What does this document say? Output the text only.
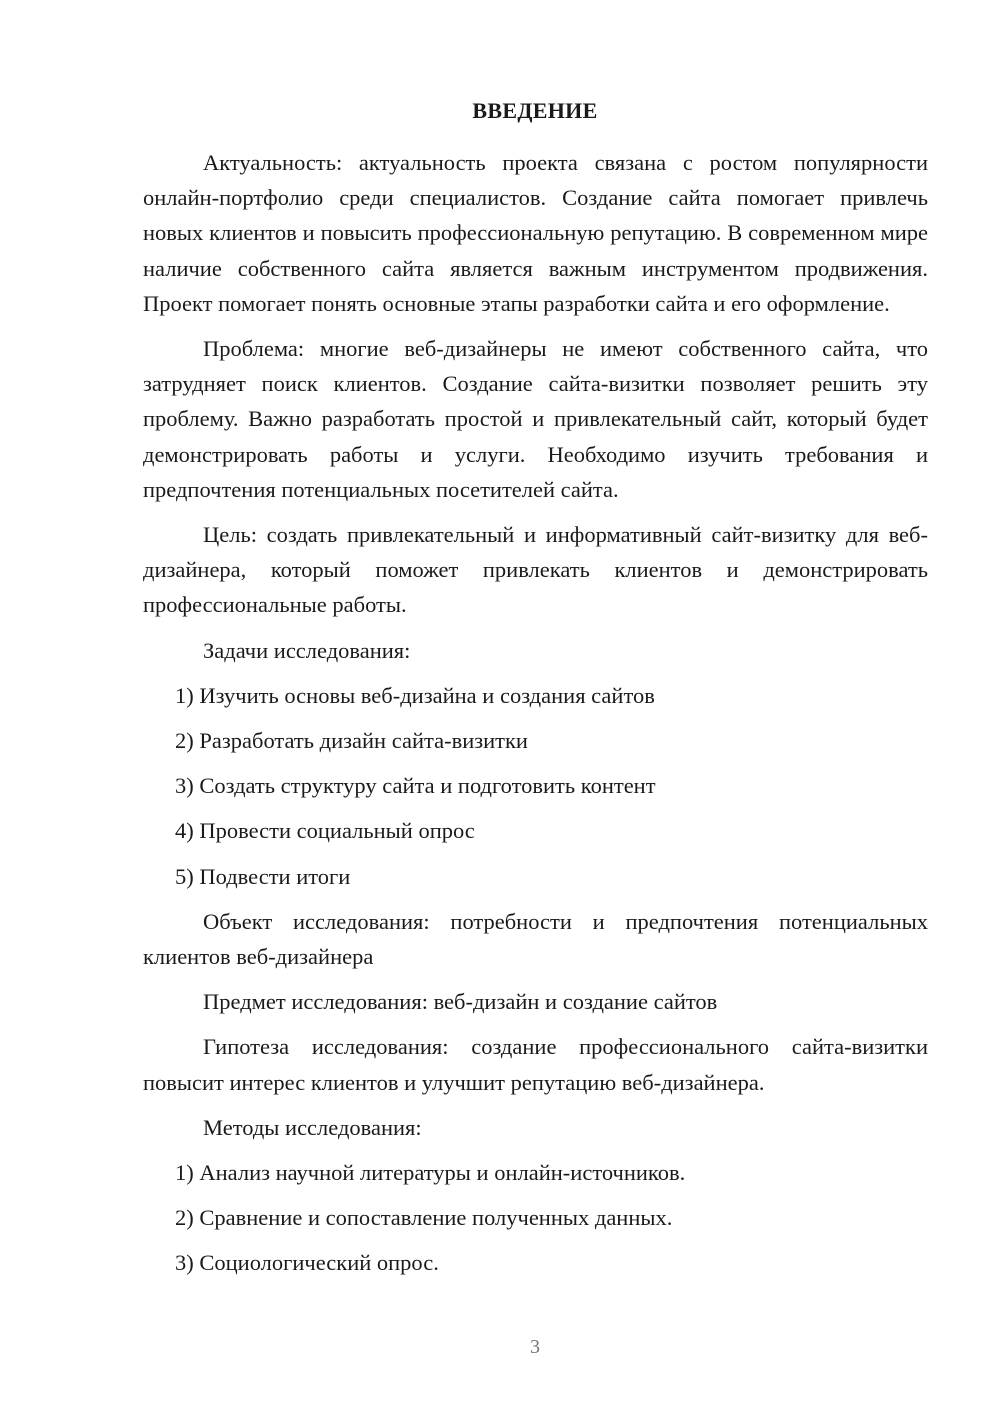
ВВЕДЕНИЕ

Актуальность: актуальность проекта связана с ростом популярности онлайн-портфолио среди специалистов. Создание сайта помогает привлечь новых клиентов и повысить профессиональную репутацию. В современном мире наличие собственного сайта является важным инструментом продвижения. Проект помогает понять основные этапы разработки сайта и его оформление.

Проблема: многие веб-дизайнеры не имеют собственного сайта, что затрудняет поиск клиентов. Создание сайта-визитки позволяет решить эту проблему. Важно разработать простой и привлекательный сайт, который будет демонстрировать работы и услуги. Необходимо изучить требования и предпочтения потенциальных посетителей сайта.

Цель: создать привлекательный и информативный сайт-визитку для веб-дизайнера, который поможет привлекать клиентов и демонстрировать профессиональные работы.

Задачи исследования:

1) Изучить основы веб-дизайна и создания сайтов

2) Разработать дизайн сайта-визитки

3) Создать структуру сайта и подготовить контент

4) Провести социальный опрос

5) Подвести итоги

Объект исследования: потребности и предпочтения потенциальных клиентов веб-дизайнера

Предмет исследования: веб-дизайн и создание сайтов

Гипотеза исследования: создание профессионального сайта-визитки повысит интерес клиентов и улучшит репутацию веб-дизайнера.

Методы исследования:

1) Анализ научной литературы и онлайн-источников.

2) Сравнение и сопоставление полученных данных.

3) Социологический опрос.

3
